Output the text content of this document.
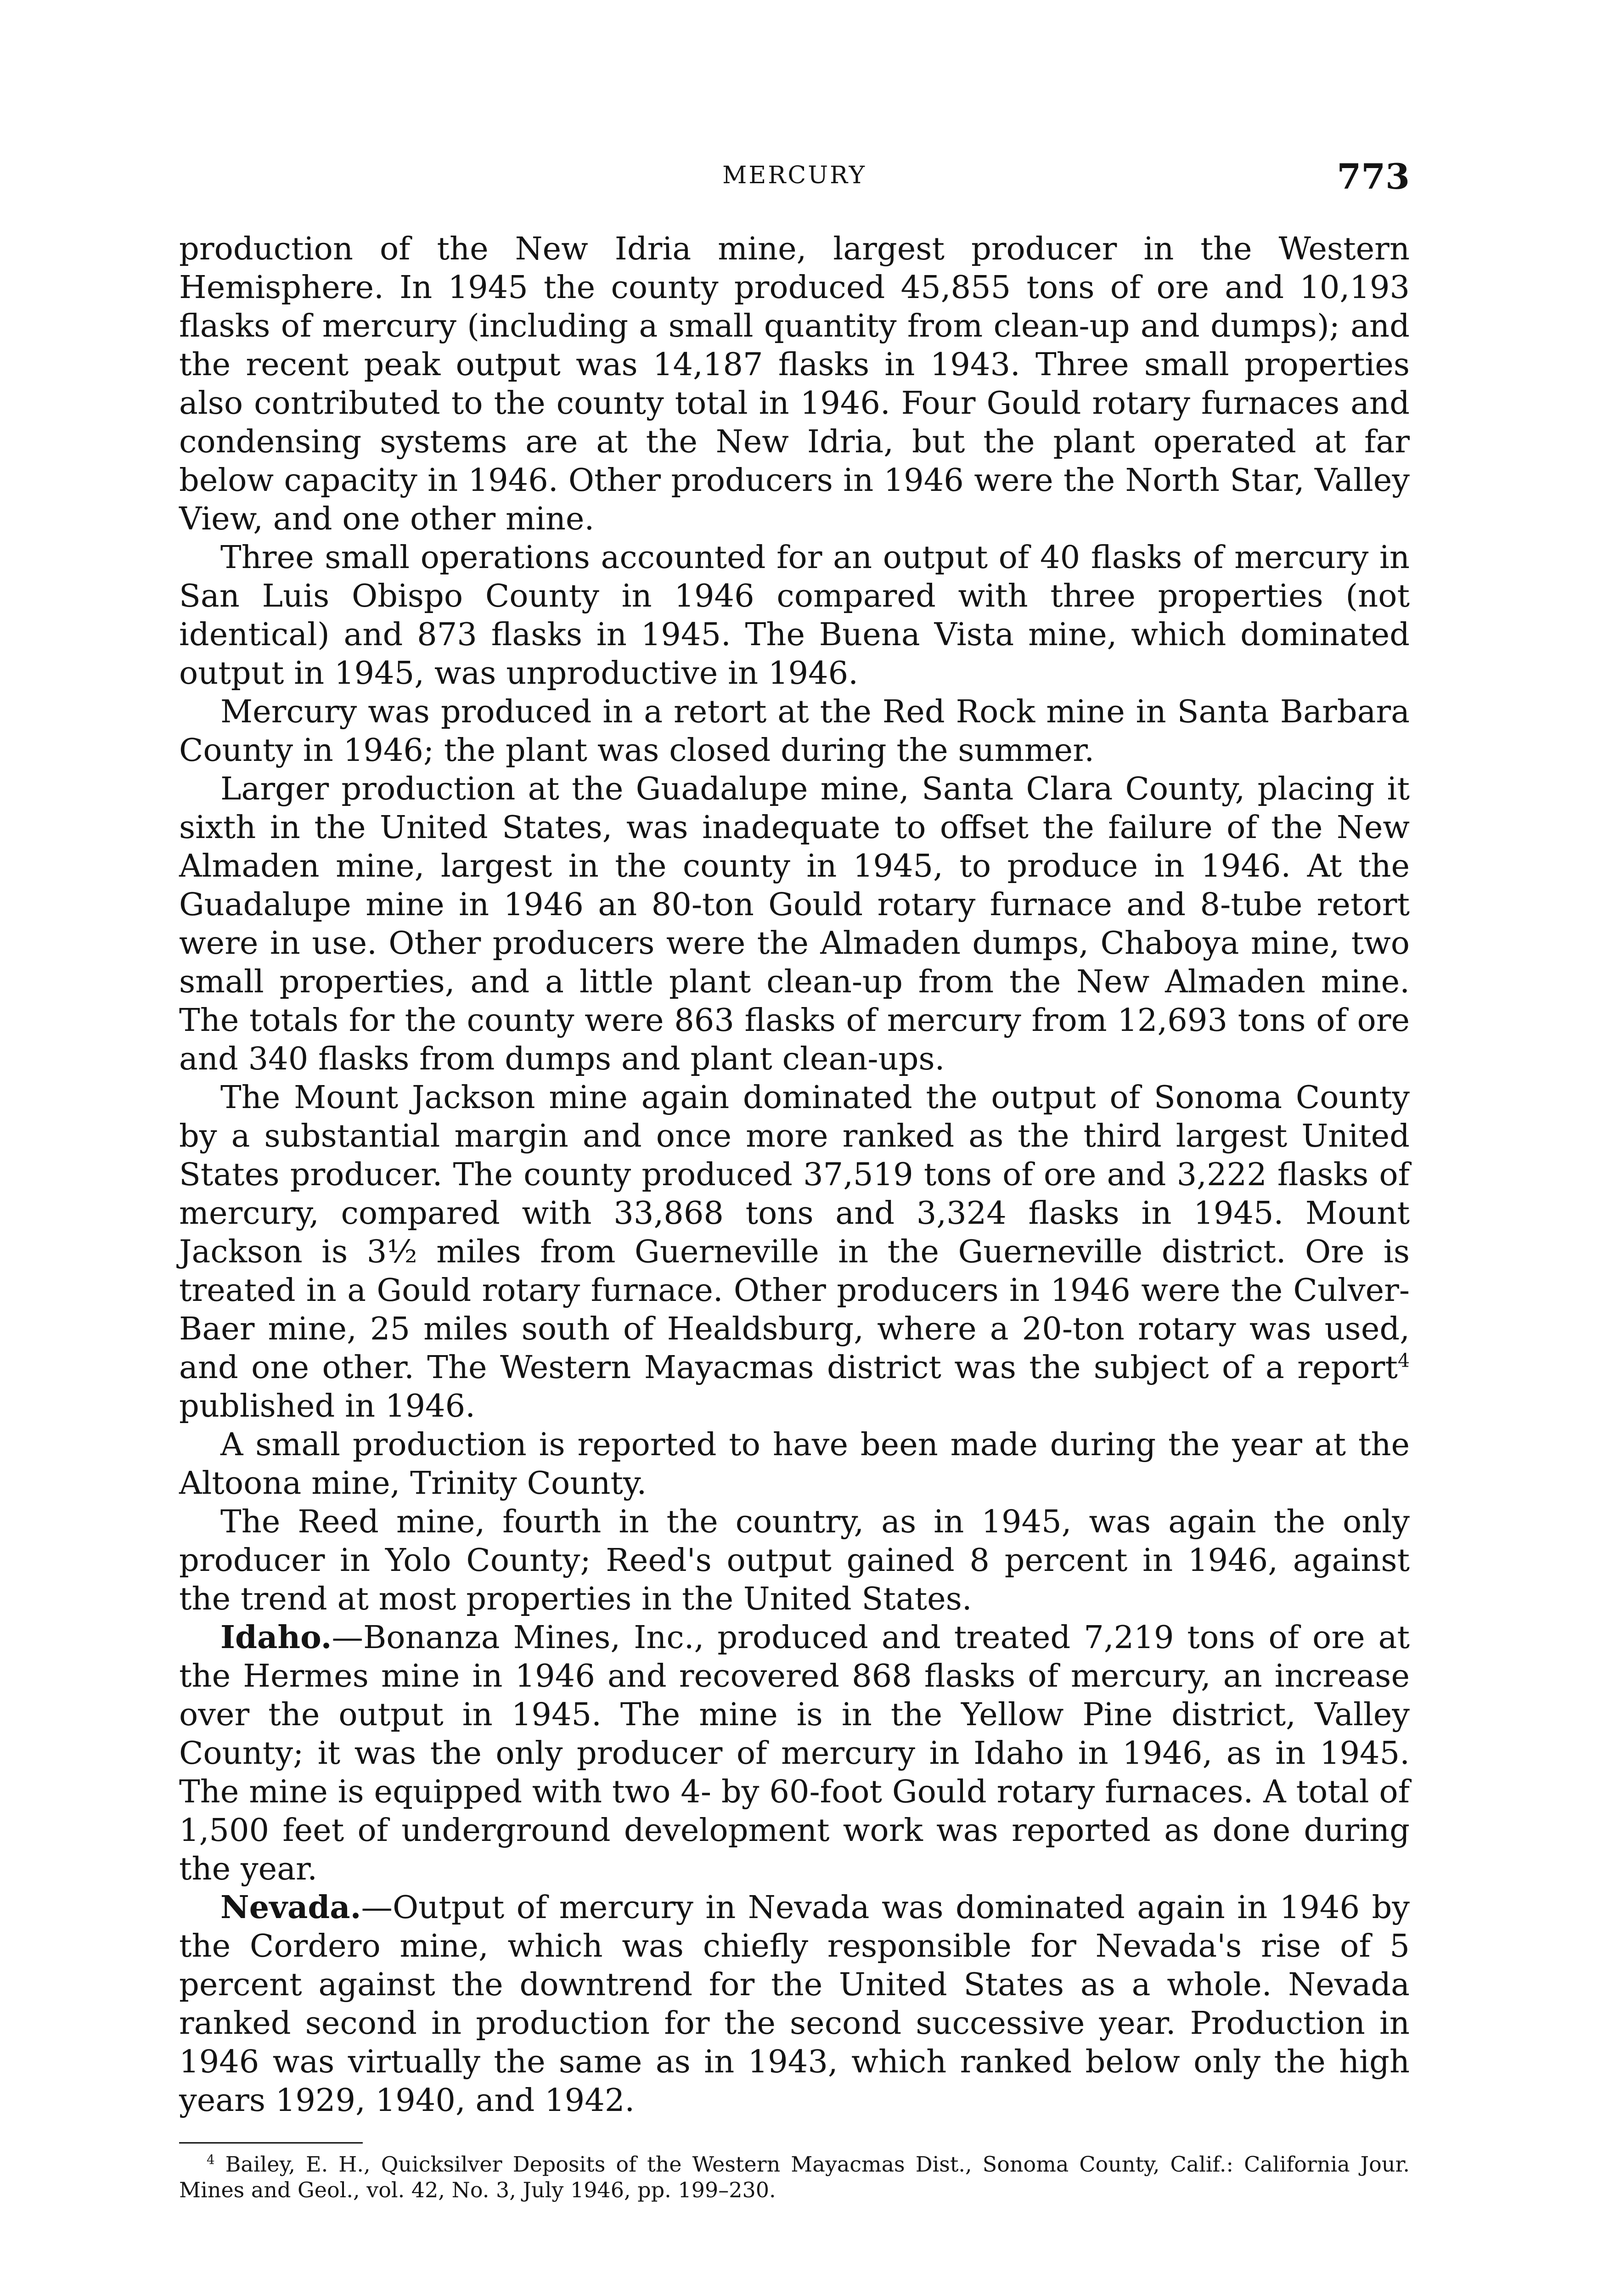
MERCURY	773

production of the New Idria mine, largest producer in the Western Hemisphere. In 1945 the county produced 45,855 tons of ore and 10,193 flasks of mercury (including a small quantity from clean-up and dumps); and the recent peak output was 14,187 flasks in 1943. Three small properties also contributed to the county total in 1946. Four Gould rotary furnaces and condensing systems are at the New Idria, but the plant operated at far below capacity in 1946. Other producers in 1946 were the North Star, Valley View, and one other mine.

Three small operations accounted for an output of 40 flasks of mercury in San Luis Obispo County in 1946 compared with three properties (not identical) and 873 flasks in 1945. The Buena Vista mine, which dominated output in 1945, was unproductive in 1946.

Mercury was produced in a retort at the Red Rock mine in Santa Barbara County in 1946; the plant was closed during the summer.

Larger production at the Guadalupe mine, Santa Clara County, placing it sixth in the United States, was inadequate to offset the failure of the New Almaden mine, largest in the county in 1945, to produce in 1946. At the Guadalupe mine in 1946 an 80-ton Gould rotary furnace and 8-tube retort were in use. Other producers were the Almaden dumps, Chaboya mine, two small properties, and a little plant clean-up from the New Almaden mine. The totals for the county were 863 flasks of mercury from 12,693 tons of ore and 340 flasks from dumps and plant clean-ups.

The Mount Jackson mine again dominated the output of Sonoma County by a substantial margin and once more ranked as the third largest United States producer. The county produced 37,519 tons of ore and 3,222 flasks of mercury, compared with 33,868 tons and 3,324 flasks in 1945. Mount Jackson is 3½ miles from Guerneville in the Guerneville district. Ore is treated in a Gould rotary furnace. Other producers in 1946 were the Culver-Baer mine, 25 miles south of Healdsburg, where a 20-ton rotary was used, and one other. The Western Mayacmas district was the subject of a report$^4$ published in 1946.

A small production is reported to have been made during the year at the Altoona mine, Trinity County.

The Reed mine, fourth in the country, as in 1945, was again the only producer in Yolo County; Reed's output gained 8 percent in 1946, against the trend at most properties in the United States.

Idaho.—Bonanza Mines, Inc., produced and treated 7,219 tons of ore at the Hermes mine in 1946 and recovered 868 flasks of mercury, an increase over the output in 1945. The mine is in the Yellow Pine district, Valley County; it was the only producer of mercury in Idaho in 1946, as in 1945. The mine is equipped with two 4- by 60-foot Gould rotary furnaces. A total of 1,500 feet of underground development work was reported as done during the year.

Nevada.—Output of mercury in Nevada was dominated again in 1946 by the Cordero mine, which was chiefly responsible for Nevada's rise of 5 percent against the downtrend for the United States as a whole. Nevada ranked second in production for the second successive year. Production in 1946 was virtually the same as in 1943, which ranked below only the high years 1929, 1940, and 1942.

$^4$ Bailey, E. H., Quicksilver Deposits of the Western Mayacmas Dist., Sonoma County, Calif.: California Jour. Mines and Geol., vol. 42, No. 3, July 1946, pp. 199–230.
